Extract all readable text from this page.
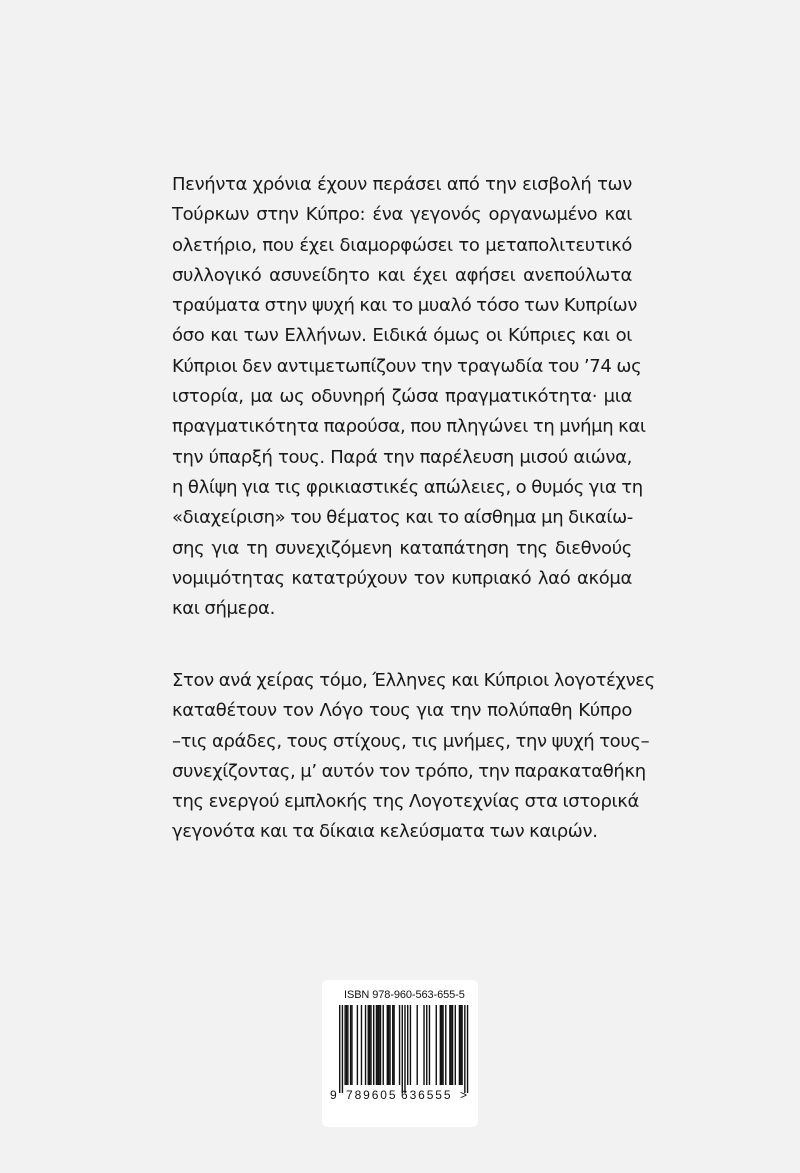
Πενήντα χρόνια έχουν περάσει από την εισβολή των
Τούρκων στην Κύπρο: ένα γεγονός οργανωμένο και
ολετήριο, που έχει διαμορφώσει το μεταπολιτευτικό
συλλογικό ασυνείδητο και έχει αφήσει ανεπούλωτα
τραύματα στην ψυχή και το μυαλό τόσο των Κυπρίων
όσο και των Ελλήνων. Ειδικά όμως οι Κύπριες και οι
Κύπριοι δεν αντιμετωπίζουν την τραγωδία του ’74 ως
ιστορία, μα ως οδυνηρή ζώσα πραγματικότητα· μια
πραγματικότητα παρούσα, που πληγώνει τη μνήμη και
την ύπαρξή τους. Παρά την παρέλευση μισού αιώνα,
η θλίψη για τις φρικιαστικές απώλειες, ο θυμός για τη
«διαχείριση» του θέματος και το αίσθημα μη δικαίω-
σης για τη συνεχιζόμενη καταπάτηση της διεθνούς
νομιμότητας κατατρύχουν τον κυπριακό λαό ακόμα
και σήμερα.
Στον ανά χείρας τόμο, Έλληνες και Κύπριοι λογοτέχνες
καταθέτουν τον Λόγο τους για την πολύπαθη Κύπρο
–τις αράδες, τους στίχους, τις μνήμες, την ψυχή τους–
συνεχίζοντας, μ’ αυτόν τον τρόπο, την παρακαταθήκη
της ενεργού εμπλοκής της Λογοτεχνίας στα ιστορικά
γεγονότα και τα δίκαια κελεύσματα των καιρών.
ISBN 978-960-563-655-5
9 789605 636555 >
